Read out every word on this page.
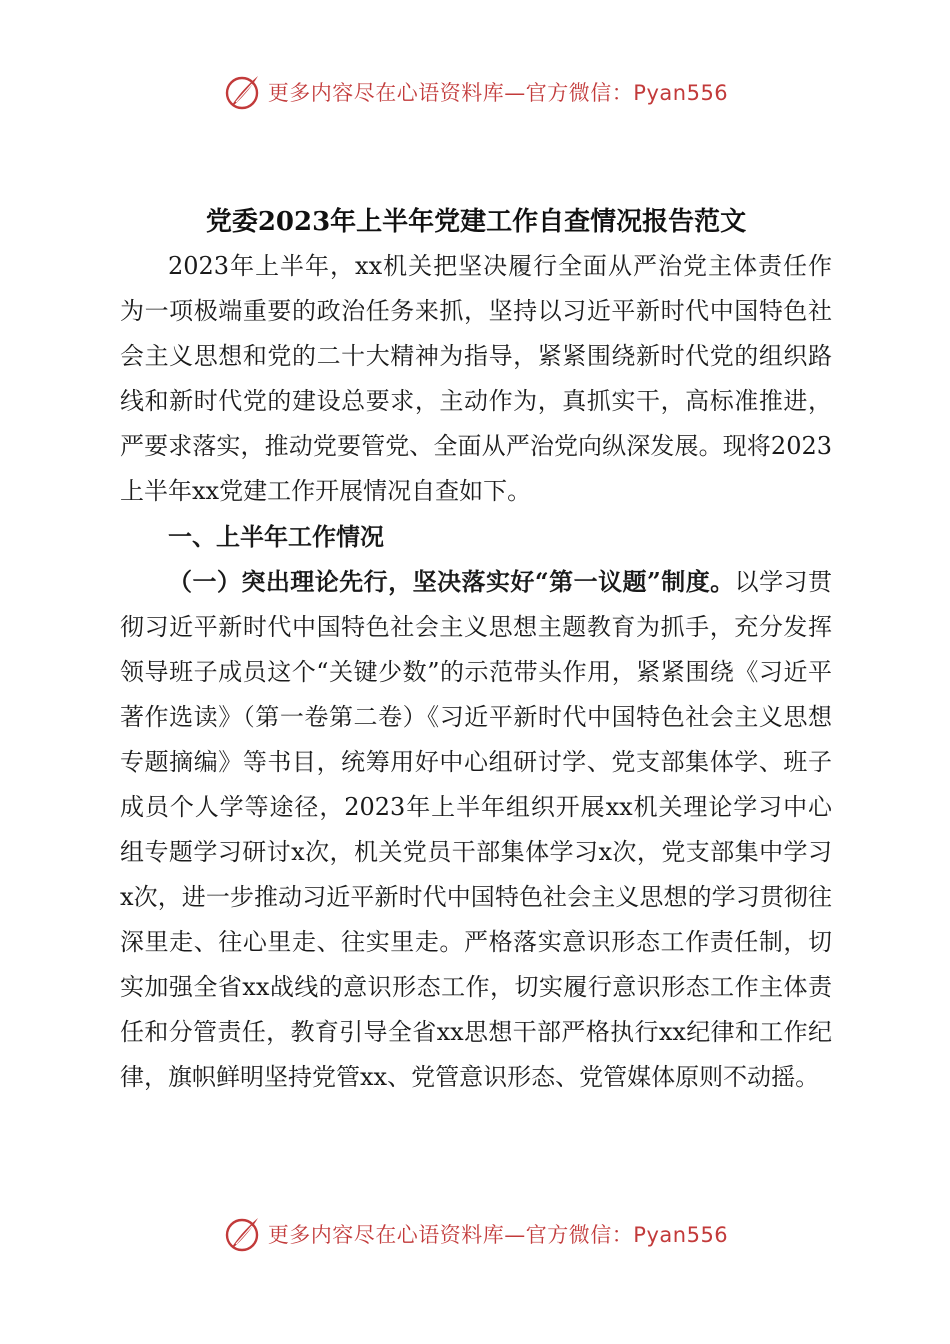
更多内容尽在心语资料库—官方微信：Pyan556
党委2023年上半年党建工作自查情况报告范文

2023年上半年，xx机关把坚决履行全面从严治党主体责任作为一项极端重要的政治任务来抓，坚持以习近平新时代中国特色社会主义思想和党的二十大精神为指导，紧紧围绕新时代党的组织路线和新时代党的建设总要求，主动作为，真抓实干，高标准推进，严要求落实，推动党要管党、全面从严治党向纵深发展。现将2023上半年xx党建工作开展情况自查如下。

一、上半年工作情况

（一）突出理论先行，坚决落实好“第一议题”制度。以学习贯彻习近平新时代中国特色社会主义思想主题教育为抓手，充分发挥领导班子成员这个“关键少数”的示范带头作用，紧紧围绕《习近平著作选读》（第一卷第二卷）《习近平新时代中国特色社会主义思想专题摘编》等书目，统筹用好中心组研讨学、党支部集体学、班子成员个人学等途径，2023年上半年组织开展xx机关理论学习中心组专题学习研讨x次，机关党员干部集体学习x次，党支部集中学习x次，进一步推动习近平新时代中国特色社会主义思想的学习贯彻往深里走、往心里走、往实里走。严格落实意识形态工作责任制，切实加强全省xx战线的意识形态工作，切实履行意识形态工作主体责任和分管责任，教育引导全省xx思想干部严格执行xx纪律和工作纪律，旗帜鲜明坚持党管xx、党管意识形态、党管媒体原则不动摇。

更多内容尽在心语资料库—官方微信：Pyan556
